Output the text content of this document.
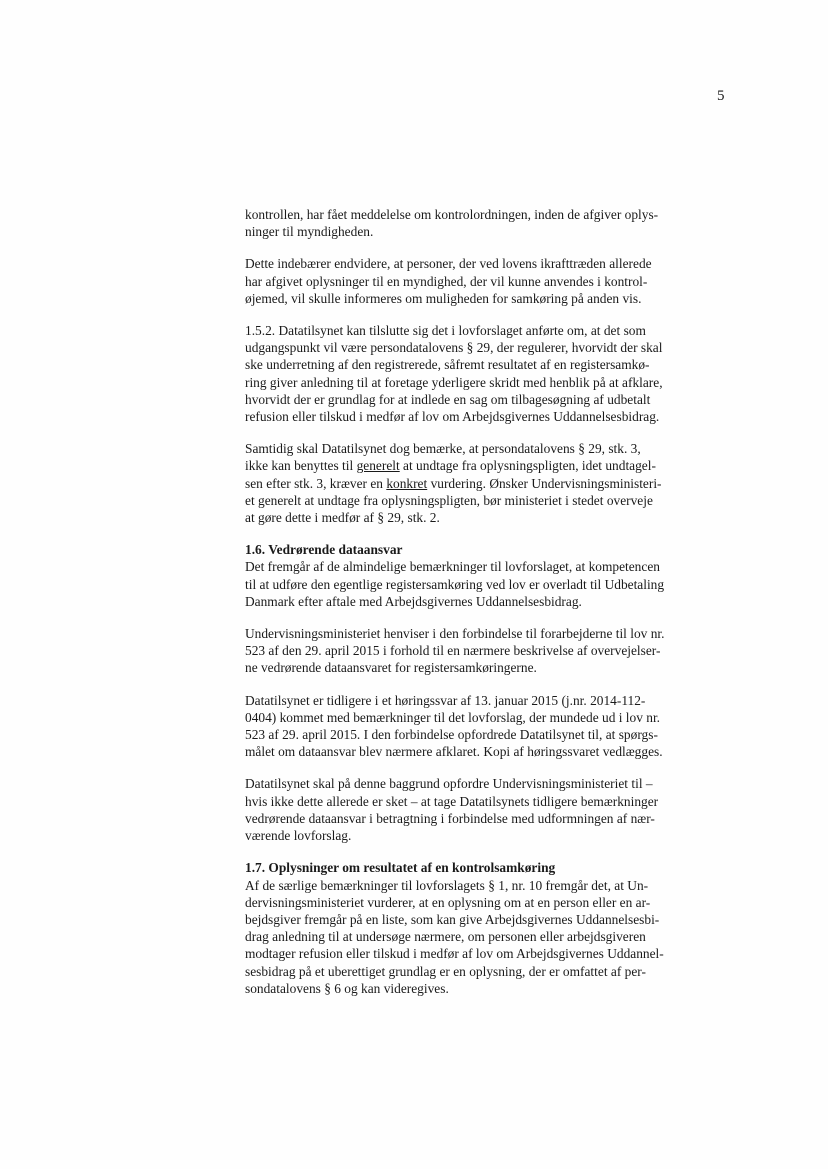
5

kontrollen, har fået meddelelse om kontrolordningen, inden de afgiver oplys-
ninger til myndigheden.

Dette indebærer endvidere, at personer, der ved lovens ikrafttræden allerede
har afgivet oplysninger til en myndighed, der vil kunne anvendes i kontrol-
øjemed, vil skulle informeres om muligheden for samkøring på anden vis.

1.5.2. Datatilsynet kan tilslutte sig det i lovforslaget anførte om, at det som
udgangspunkt vil være persondatalovens § 29, der regulerer, hvorvidt der skal
ske underretning af den registrerede, såfremt resultatet af en registersamkø-
ring giver anledning til at foretage yderligere skridt med henblik på at afklare,
hvorvidt der er grundlag for at indlede en sag om tilbagesøgning af udbetalt
refusion eller tilskud i medfør af lov om Arbejdsgivernes Uddannelsesbidrag.

Samtidig skal Datatilsynet dog bemærke, at persondatalovens § 29, stk. 3,
ikke kan benyttes til generelt at undtage fra oplysningspligten, idet undtagel-
sen efter stk. 3, kræver en konkret vurdering. Ønsker Undervisningsministeri-
et generelt at undtage fra oplysningspligten, bør ministeriet i stedet overveje
at gøre dette i medfør af § 29, stk. 2.

1.6. Vedrørende dataansvar
Det fremgår af de almindelige bemærkninger til lovforslaget, at kompetencen
til at udføre den egentlige registersamkøring ved lov er overladt til Udbetaling
Danmark efter aftale med Arbejdsgivernes Uddannelsesbidrag.

Undervisningsministeriet henviser i den forbindelse til forarbejderne til lov nr.
523 af den 29. april 2015 i forhold til en nærmere beskrivelse af overvejelser-
ne vedrørende dataansvaret for registersamkøringerne.

Datatilsynet er tidligere i et høringssvar af 13. januar 2015 (j.nr. 2014-112-
0404) kommet med bemærkninger til det lovforslag, der mundede ud i lov nr.
523 af 29. april 2015. I den forbindelse opfordrede Datatilsynet til, at spørgs-
målet om dataansvar blev nærmere afklaret. Kopi af høringssvaret vedlægges.

Datatilsynet skal på denne baggrund opfordre Undervisningsministeriet til –
hvis ikke dette allerede er sket – at tage Datatilsynets tidligere bemærkninger
vedrørende dataansvar i betragtning i forbindelse med udformningen af nær-
værende lovforslag.

1.7. Oplysninger om resultatet af en kontrolsamkøring
Af de særlige bemærkninger til lovforslagets § 1, nr. 10 fremgår det, at Un-
dervisningsministeriet vurderer, at en oplysning om at en person eller en ar-
bejdsgiver fremgår på en liste, som kan give Arbejdsgivernes Uddannelsesbi-
drag anledning til at undersøge nærmere, om personen eller arbejdsgiveren
modtager refusion eller tilskud i medfør af lov om Arbejdsgivernes Uddannel-
sesbidrag på et uberettiget grundlag er en oplysning, der er omfattet af per-
sondatalovens § 6 og kan videregives.
